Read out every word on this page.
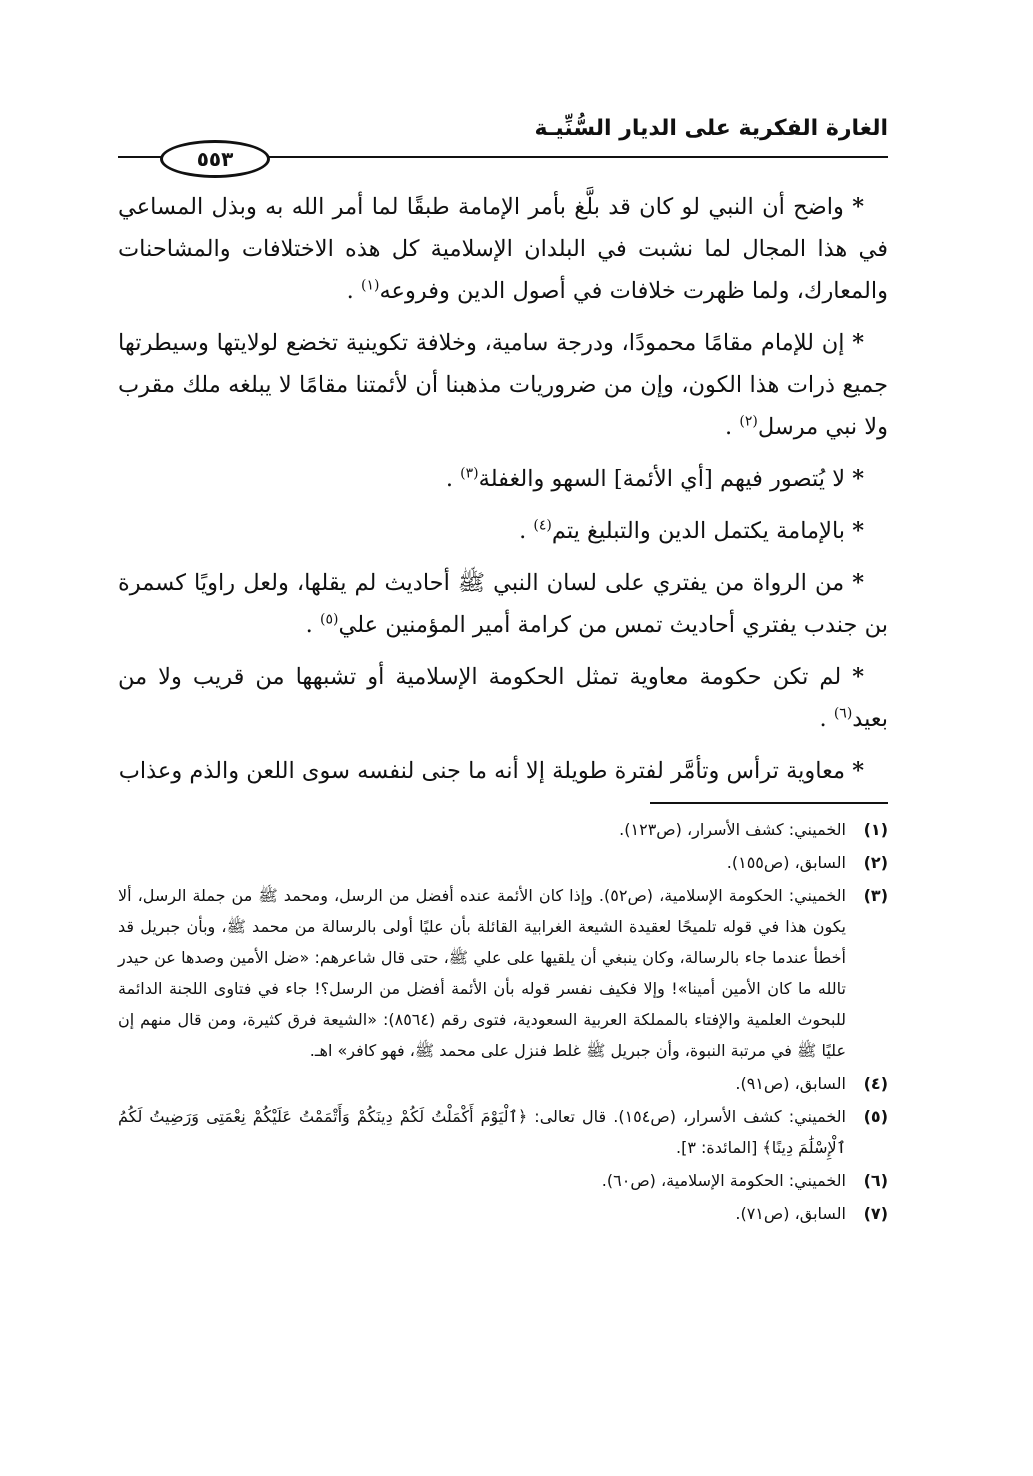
الغارة الفكرية على الديار السُّنِّيـة
٥٥٣

* واضح أن النبي لو كان قد بلَّغ بأمر الإمامة طبقًا لما أمر الله به وبذل المساعي في هذا المجال لما نشبت في البلدان الإسلامية كل هذه الاختلافات والمشاحنات والمعارك، ولما ظهرت خلافات في أصول الدين وفروعه$^{(١)}$ .

* إن للإمام مقامًا محمودًا، ودرجة سامية، وخلافة تكوينية تخضع لولايتها وسيطرتها جميع ذرات هذا الكون، وإن من ضروريات مذهبنا أن لأئمتنا مقامًا لا يبلغه ملك مقرب ولا نبي مرسل$^{(٢)}$ .

* لا يُتصور فيهم [أي الأئمة] السهو والغفلة$^{(٣)}$ .

* بالإمامة يكتمل الدين والتبليغ يتم$^{(٤)}$ .

* من الرواة من يفتري على لسان النبي ﷺ أحاديث لم يقلها، ولعل راويًا كسمرة بن جندب يفتري أحاديث تمس من كرامة أمير المؤمنين علي$^{(٥)}$ .

* لم تكن حكومة معاوية تمثل الحكومة الإسلامية أو تشبهها من قريب ولا من بعيد$^{(٦)}$ .

* معاوية ترأس وتأمَّر لفترة طويلة إلا أنه ما جنى لنفسه سوى اللعن والذم وعذاب

(١)
الخميني: كشف الأسرار، (ص١٢٣).
(٢)
السابق، (ص١٥٥).
(٣)
الخميني: الحكومة الإسلامية، (ص٥٢). وإذا كان الأئمة عنده أفضل من الرسل، ومحمد ﷺ من جملة الرسل، ألا يكون هذا في قوله تلميحًا لعقيدة الشيعة الغرابية القائلة بأن عليًا أولى بالرسالة من محمد ﷺ، وبأن جبريل قد أخطأ عندما جاء بالرسالة، وكان ينبغي أن يلقيها على علي ﷺ، حتى قال شاعرهم: «ضل الأمين وصدها عن حيدر تالله ما كان الأمين أمينا»! وإلا فكيف نفسر قوله بأن الأئمة أفضل من الرسل؟! جاء في فتاوى اللجنة الدائمة للبحوث العلمية والإفتاء بالمملكة العربية السعودية، فتوى رقم (٨٥٦٤): «الشيعة فرق كثيرة، ومن قال منهم إن عليًا ﷺ في مرتبة النبوة، وأن جبريل ﷺ غلط فنزل على محمد ﷺ، فهو كافر» اهـ.
(٤)
السابق، (ص٩١).
(٥)
الخميني: كشف الأسرار، (ص١٥٤). قال تعالى: ﴿ٱلْيَوْمَ أَكْمَلْتُ لَكُمْ دِينَكُمْ وَأَتْمَمْتُ عَلَيْكُمْ نِعْمَتِى وَرَضِيتُ لَكُمُ ٱلْإِسْلَٰمَ دِينًا﴾ [المائدة: ٣].
(٦)
الخميني: الحكومة الإسلامية، (ص٦٠).
(٧)
السابق، (ص٧١).
